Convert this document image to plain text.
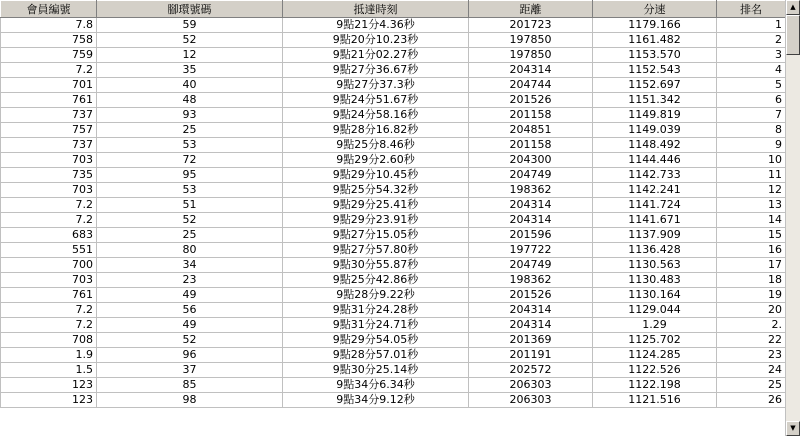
會員編號	腳環號碼	抵達時刻	距離	分速	排名
7.8	59	9點21分4.36秒	201723	1179.166	1
758	52	9點20分10.23秒	197850	1161.482	2
759	12	9點21分02.27秒	197850	1153.570	3
7.2	35	9點27分36.67秒	204314	1152.543	4
701	40	9點27分37.3秒	204744	1152.697	5
761	48	9點24分51.67秒	201526	1151.342	6
737	93	9點24分58.16秒	201158	1149.819	7
757	25	9點28分16.82秒	204851	1149.039	8
737	53	9點25分8.46秒	201158	1148.492	9
703	72	9點29分2.60秒	204300	1144.446	10
735	95	9點29分10.45秒	204749	1142.733	11
703	53	9點25分54.32秒	198362	1142.241	12
7.2	51	9點29分25.41秒	204314	1141.724	13
7.2	52	9點29分23.91秒	204314	1141.671	14
683	25	9點27分15.05秒	201596	1137.909	15
551	80	9點27分57.80秒	197722	1136.428	16
700	34	9點30分55.87秒	204749	1130.563	17
703	23	9點25分42.86秒	198362	1130.483	18
761	49	9點28分9.22秒	201526	1130.164	19
7.2	56	9點31分24.28秒	204314	1129.044	20
7.2	49	9點31分24.71秒	204314	1.29	2.
708	52	9點29分54.05秒	201369	1125.702	22
1.9	96	9點28分57.01秒	201191	1124.285	23
1.5	37	9點30分25.14秒	202572	1122.526	24
123	85	9點34分6.34秒	206303	1122.198	25
123	98	9點34分9.12秒	206303	1121.516	26
▲
▼
